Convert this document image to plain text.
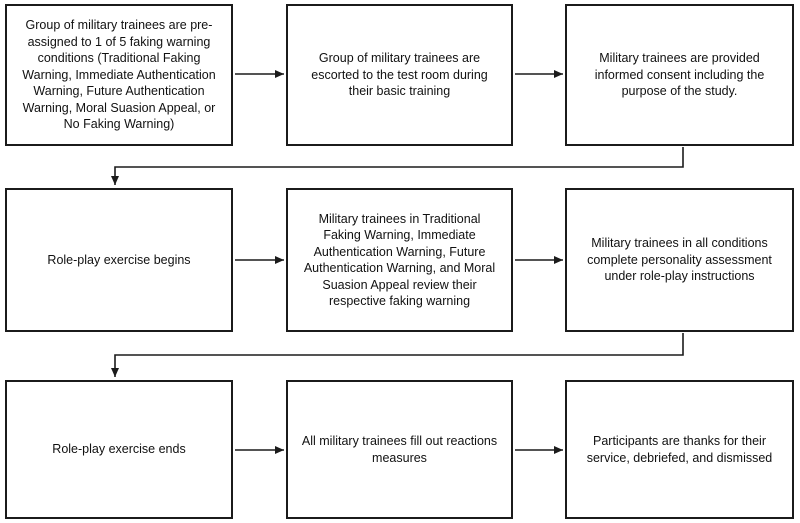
Group of military trainees are pre-assigned to 1 of 5 faking warning conditions (Traditional Faking Warning, Immediate Authentication Warning, Future Authentication Warning, Moral Suasion Appeal, or No Faking Warning)
Group of military trainees are escorted to the test room during their basic training
Military trainees are provided informed consent including the purpose of the study.
Role-play exercise begins
Military trainees in Traditional Faking Warning, Immediate Authentication Warning, Future Authentication Warning, and Moral Suasion Appeal review their respective faking warning
Military trainees in all conditions complete personality assessment under role-play instructions
Role-play exercise ends
All military trainees fill out reactions measures
Participants are thanks for their service, debriefed, and dismissed
